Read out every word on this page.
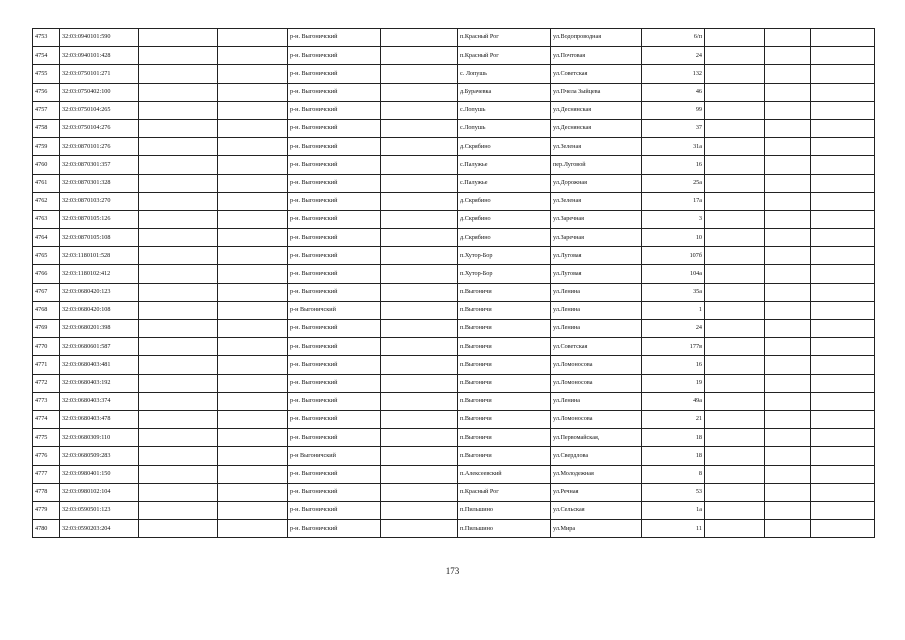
4753	32:03:0940101:590			р-н. Выгоничский		п.Красный Рог	ул.Водопроводная	6/п			
4754	32:03:0940101:428			р-н. Выгоничский		п.Красный Рог	ул.Почтовая	24			
4755	32:03:0750101:271			р-н. Выгоничский		с. Лопушь	ул.Советская	132			
4756	32:03:0750402:100			р-н. Выгоничский		д.Бурачевка	ул.Пчела Зыйцева	46			
4757	32:03:0750104:265			р-н. Выгоничский		с.Лопушь	ул.Деснянская	99			
4758	32:03:0750104:276			р-н. Выгоничский		с.Лопушь	ул.Деснянская	37			
4759	32:03:0870101:276			р-н. Выгоничский		д.Скрябино	ул.Зеленая	31а			
4760	32:03:0870301:357			р-н. Выгоничский		с.Палужье	пер.Луговой	16			
4761	32:03:0870301:328			р-н. Выгоничский		с.Палужье	ул.Дорожная	25а			
4762	32:03:0870103:270			р-н. Выгоничский		д.Скрябино	ул.Зеленая	17а			
4763	32:03:0870105:126			р-н. Выгоничский		д.Скрябино	ул.Заречная	3			
4764	32:03:0870105:108			р-н. Выгоничский		д.Скрябино	ул.Заречная	10			
4765	32:03:1180101:528			р-н. Выгоничский		п.Хутор-Бор	ул.Луговая	107б			
4766	32:03:1180102:412			р-н. Выгоничский		п.Хутор-Бор	ул.Луговая	104а			
4767	32:03:0680420:123			р-н. Выгоничский		п.Выгоничи	ул.Ленина	35а			
4768	32:03:0680420:108			р-н Выгоничский		п.Выгоничи	ул.Ленина	1			
4769	32:03:0680201:398			р-н. Выгоничский		п.Выгоничи	ул.Ленина	24			
4770	32:03:0680601:587			р-н. Выгоничский		п.Выгоничи	ул.Советская	177в			
4771	32:03:0680403:481			р-н. Выгоничский		п.Выгоничи	ул.Ломоносова	16			
4772	32:03:0680403:192			р-н. Выгоничский		п.Выгоничи	ул.Ломоносова	19			
4773	32:03:0680403:374			р-н. Выгоничский		п.Выгоничи	ул.Ленина	49а			
4774	32:03:0680403:478			р-н. Выгоничский		п.Выгоничи	ул.Ломоносова	21			
4775	32:03:0680309:110			р-н. Выгоничский		п.Выгоничи	ул.Первомайская,	18			
4776	32:03:0680509:283			р-н Выгоничский		п.Выгоничи	ул.Свердлова	18			
4777	32:03:0980401:150			р-н. Выгоничский		п.Алексеевский	ул.Молодежная	8			
4778	32:03:0980102:104			р-н. Выгоничский		п.Красный Рог	ул.Речная	53			
4779	32:03:0590501:123			р-н. Выгоничский		п.Пильшино	ул.Сельская	1а			
4780	32:03:0590203:204			р-н. Выгоничский		п.Пильшино	ул.Мира	11			
173
